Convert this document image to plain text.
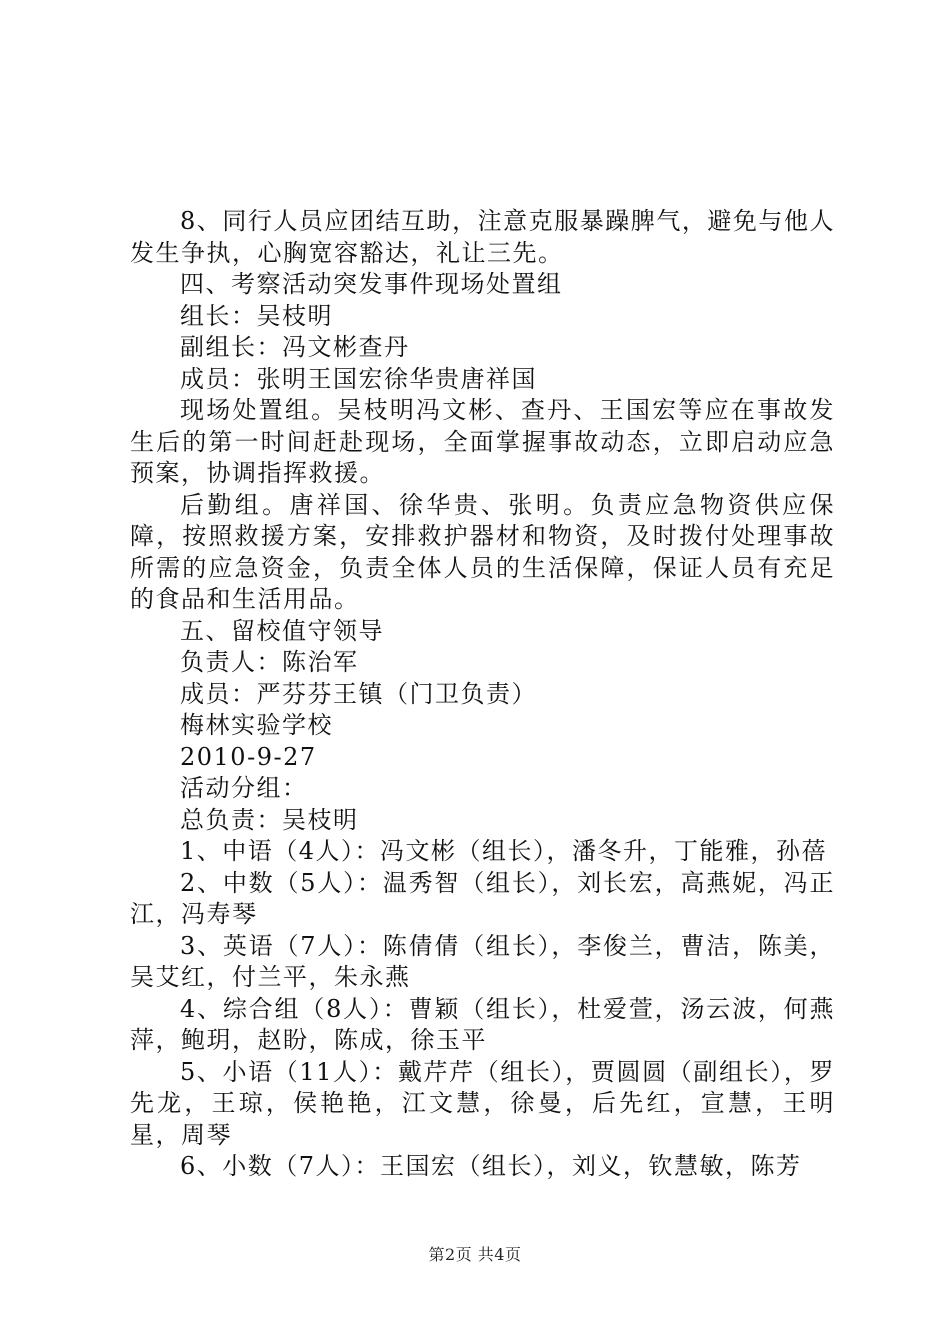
8、同行人员应团结互助，注意克服暴躁脾气，避免与他人发生争执，心胸宽容豁达，礼让三先。

四、考察活动突发事件现场处置组

组长：吴枝明

副组长：冯文彬查丹

成员：张明王国宏徐华贵唐祥国

现场处置组。吴枝明冯文彬、查丹、王国宏等应在事故发生后的第一时间赶赴现场，全面掌握事故动态，立即启动应急预案，协调指挥救援。

后勤组。唐祥国、徐华贵、张明。负责应急物资供应保障，按照救援方案，安排救护器材和物资，及时拨付处理事故所需的应急资金，负责全体人员的生活保障，保证人员有充足的食品和生活用品。

五、留校值守领导

负责人：陈治军

成员：严芬芬王镇（门卫负责）

梅林实验学校

2010-9-27

活动分组：

总负责：吴枝明

1、中语（4人）：冯文彬（组长），潘冬升，丁能雅，孙蓓

2、中数（5人）：温秀智（组长），刘长宏，高燕妮，冯正江，冯寿琴

3、英语（7人）：陈倩倩（组长），李俊兰，曹洁，陈美，吴艾红，付兰平，朱永燕

4、综合组（8人）：曹颖（组长），杜爱萱，汤云波，何燕萍，鲍玥，赵盼，陈成，徐玉平

5、小语（11人）：戴芹芹（组长），贾圆圆（副组长），罗先龙，王琼，侯艳艳，江文慧，徐曼，后先红，宣慧，王明星，周琴

6、小数（7人）：王国宏（组长），刘义，钦慧敏，陈芳

第2页 共4页
